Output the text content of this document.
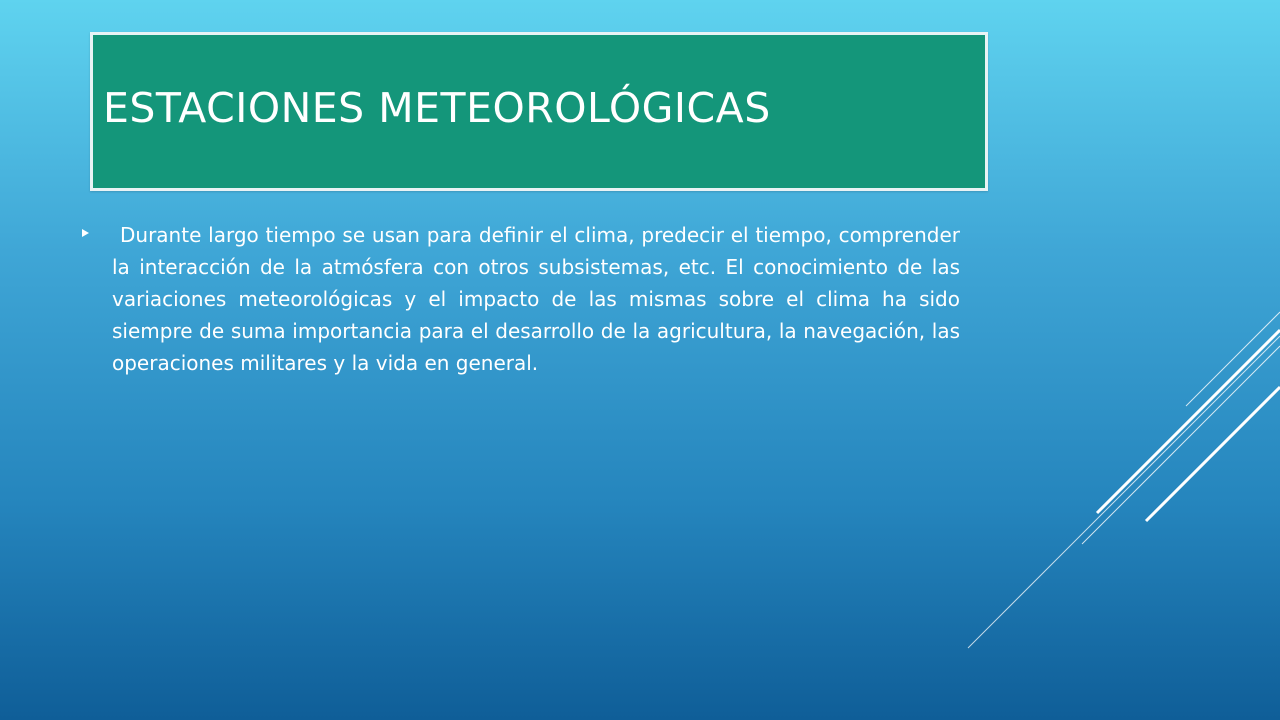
ESTACIONES METEOROLÓGICAS

Durante largo tiempo se usan para definir el clima, predecir el tiempo, comprender la interacción de la atmósfera con otros subsistemas, etc. El conocimiento de las variaciones meteorológicas y el impacto de las mismas sobre el clima ha sido siempre de suma importancia para el desarrollo de la agricultura, la navegación, las operaciones militares y la vida en general.
